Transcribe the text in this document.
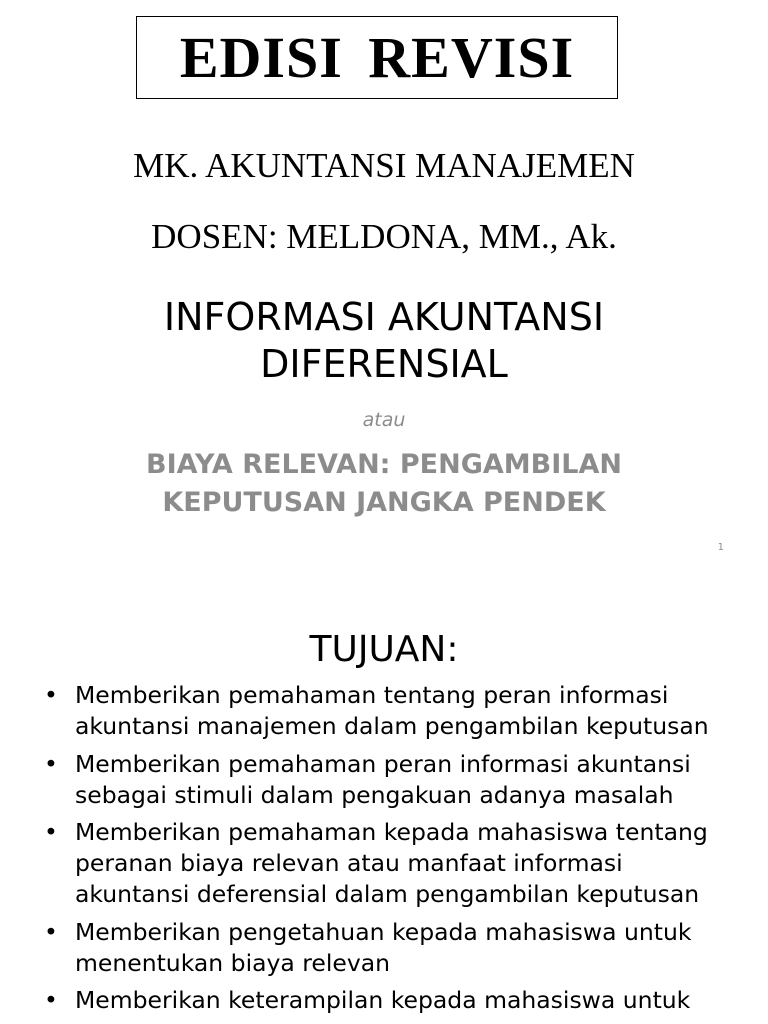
EDISI REVISI
MK. AKUNTANSI MANAJEMEN
DOSEN: MELDONA, MM., Ak.
INFORMASI AKUNTANSI
DIFERENSIAL
atau
BIAYA RELEVAN: PENGAMBILAN
KEPUTUSAN JANGKA PENDEK
1
TUJUAN:
• Memberikan pemahaman tentang peran informasi
akuntansi manajemen dalam pengambilan keputusan
• Memberikan pemahaman peran informasi akuntansi
sebagai stimuli dalam pengakuan adanya masalah
• Memberikan pemahaman kepada mahasiswa tentang
peranan biaya relevan atau manfaat informasi
akuntansi deferensial dalam pengambilan keputusan
• Memberikan pengetahuan kepada mahasiswa untuk
menentukan biaya relevan
• Memberikan keterampilan kepada mahasiswa untuk
